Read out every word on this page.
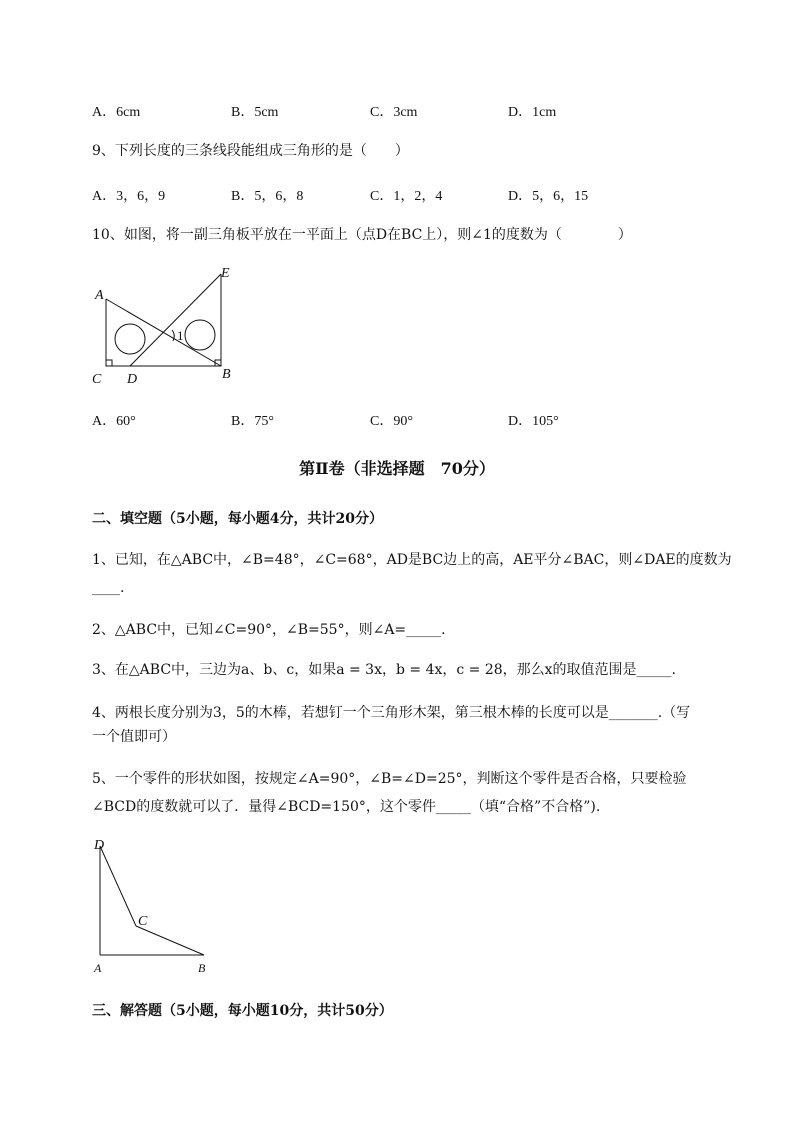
A．6cm	B．5cm	C．3cm	D．1cm
9、下列长度的三条线段能组成三角形的是（　　）
A．3，6，9	B．5，6，8	C．1，2，4	D．5，6，15
10、如图，将一副三角板平放在一平面上（点D在BC上），则∠1的度数为（　　　　）
A
E
C D	B
1
A．60°	B．75°	C．90°	D．105°
第Ⅱ卷（非选择题　70分）
二、填空题（5小题，每小题4分，共计20分）
1、已知，在△ABC中，∠B=48°，∠C=68°，AD是BC边上的高，AE平分∠BAC，则∠DAE的度数为
____.
2、△ABC中，已知∠C=90°，∠B=55°，则∠A=_____.
3、在△ABC中，三边为a、b、c，如果a = 3x，b = 4x，c = 28，那么x的取值范围是_____.
4、两根长度分别为3，5的木棒，若想钉一个三角形木架，第三根木棒的长度可以是_______.（写
一个值即可）
5、一个零件的形状如图，按规定∠A=90°，∠B=∠D=25°，判断这个零件是否合格，只要检验
∠BCD的度数就可以了．量得∠BCD=150°，这个零件_____（填“合格”不合格”).
D
C
A	B
三、解答题（5小题，每小题10分，共计50分）
